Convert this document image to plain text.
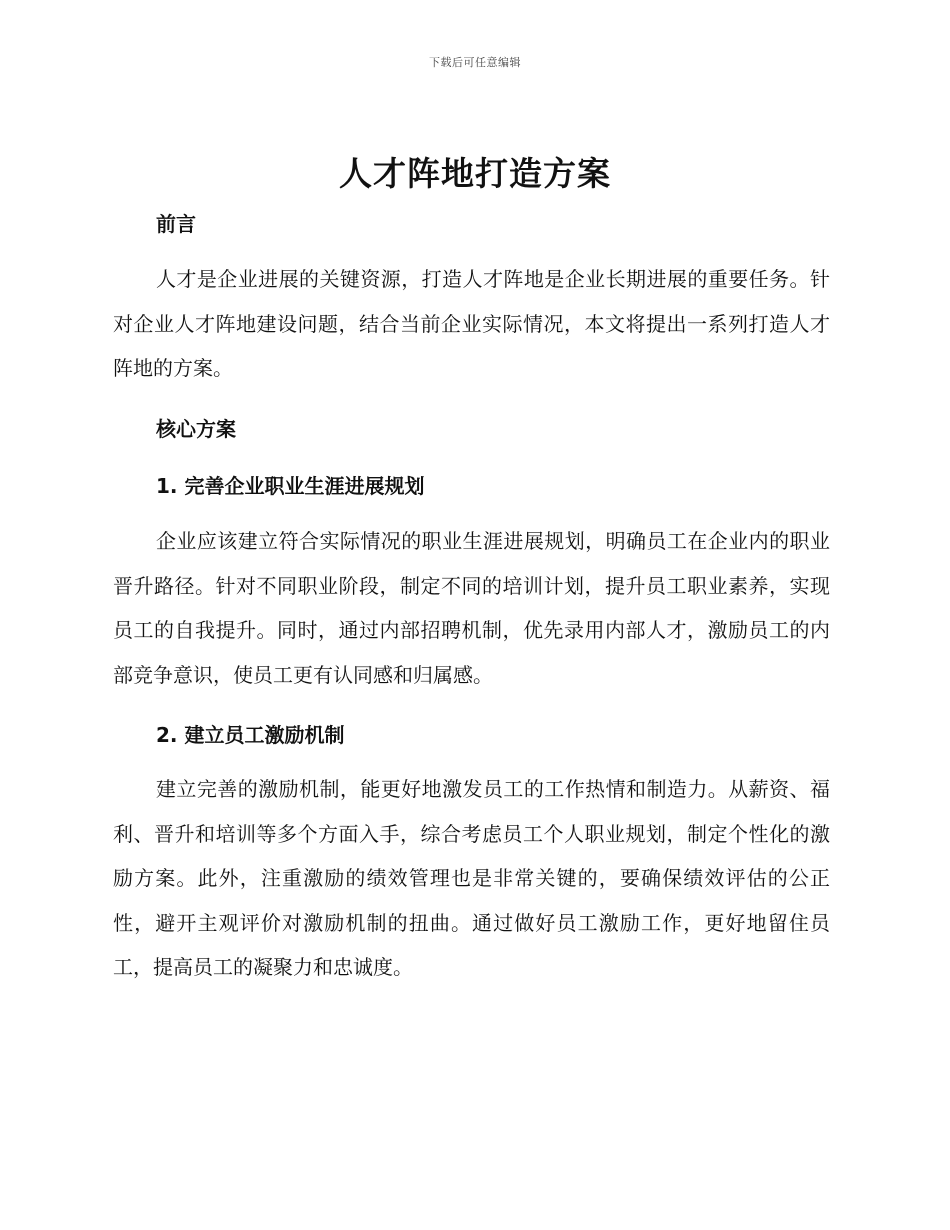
下载后可任意编辑
人才阵地打造方案
前言

人才是企业进展的关键资源，打造人才阵地是企业长期进展的重要任务。针对企业人才阵地建设问题，结合当前企业实际情况，本文将提出一系列打造人才阵地的方案。

核心方案
1. 完善企业职业生涯进展规划

企业应该建立符合实际情况的职业生涯进展规划，明确员工在企业内的职业晋升路径。针对不同职业阶段，制定不同的培训计划，提升员工职业素养，实现员工的自我提升。同时，通过内部招聘机制，优先录用内部人才，激励员工的内部竞争意识，使员工更有认同感和归属感。

2. 建立员工激励机制

建立完善的激励机制，能更好地激发员工的工作热情和制造力。从薪资、福利、晋升和培训等多个方面入手，综合考虑员工个人职业规划，制定个性化的激励方案。此外，注重激励的绩效管理也是非常关键的，要确保绩效评估的公正性，避开主观评价对激励机制的扭曲。通过做好员工激励工作，更好地留住员工，提高员工的凝聚力和忠诚度。
